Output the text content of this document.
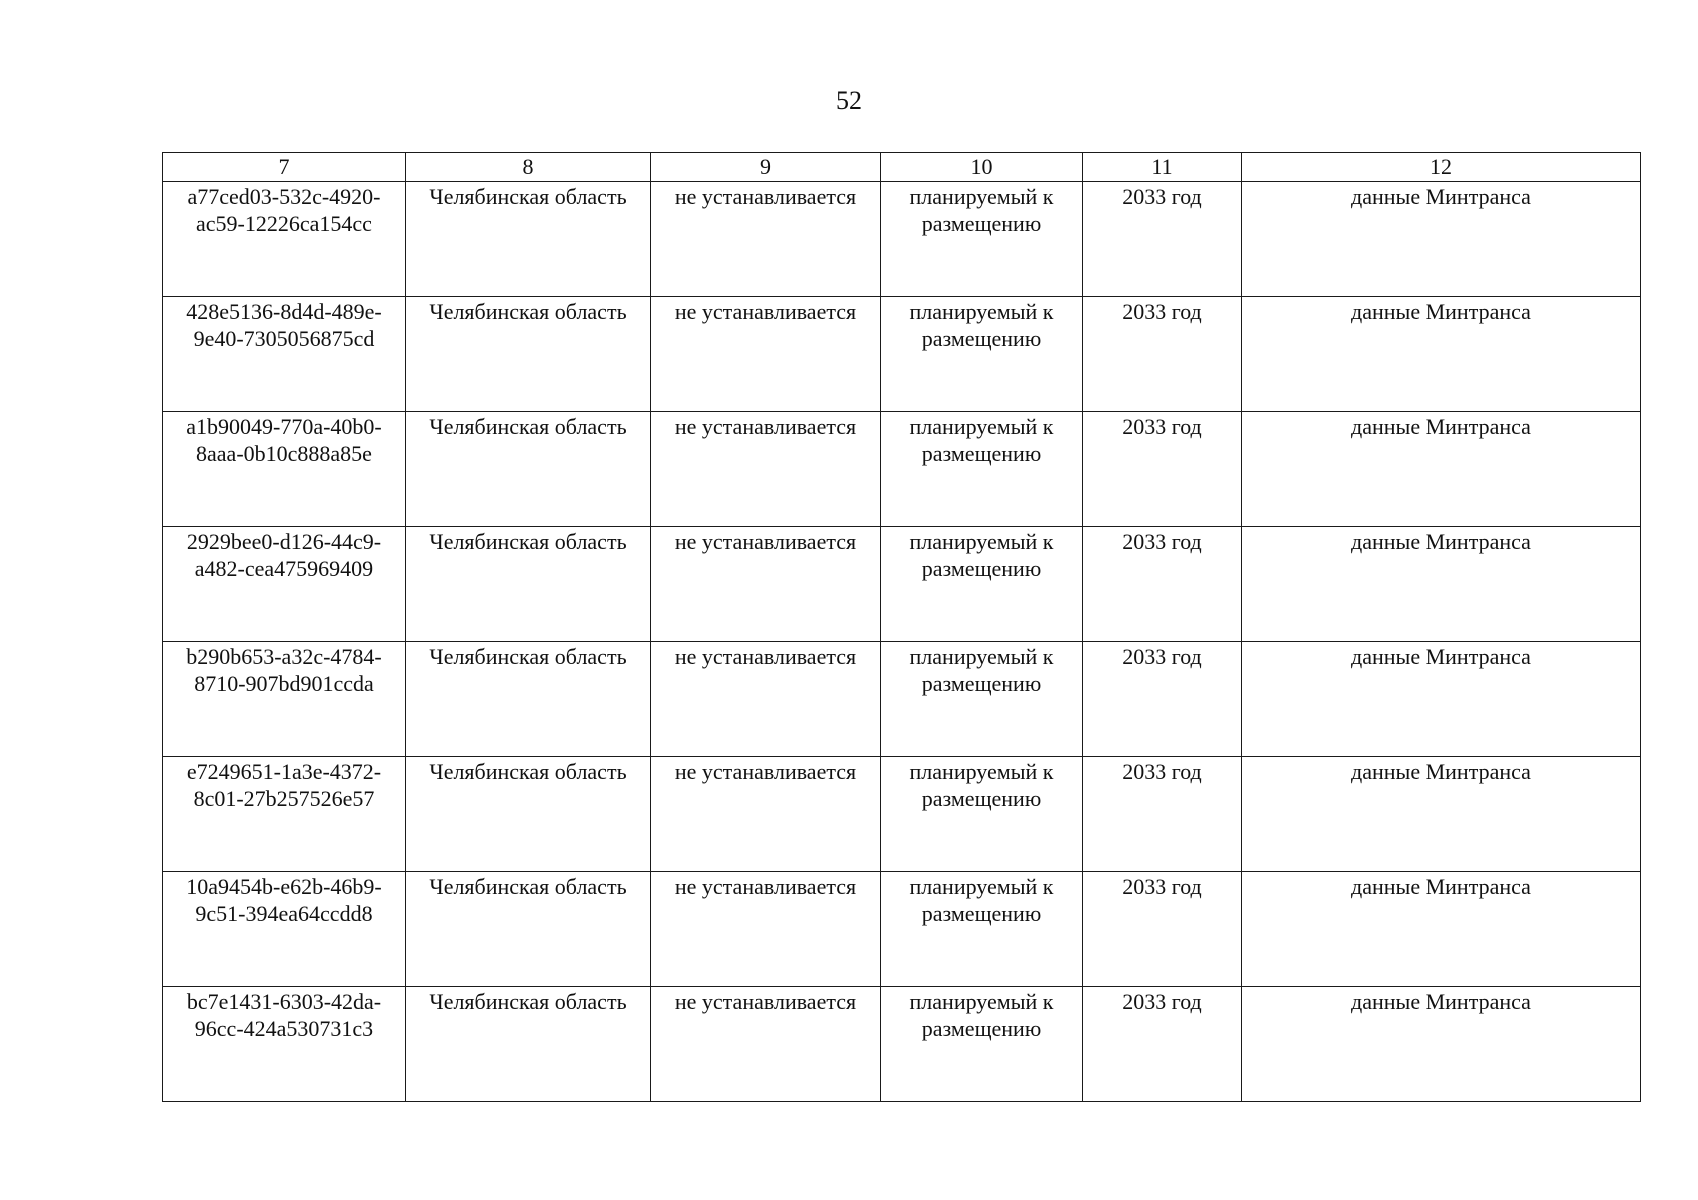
52
7	8	9	10	11	12

a77ced03-532c-4920-ac59-12226ca154cc	Челябинская область	не устанавливается	планируемый к размещению	2033 год	данные Минтранса

428e5136-8d4d-489e-9e40-7305056875cd	Челябинская область	не устанавливается	планируемый к размещению	2033 год	данные Минтранса

a1b90049-770a-40b0-8aaa-0b10c888a85e	Челябинская область	не устанавливается	планируемый к размещению	2033 год	данные Минтранса

2929bee0-d126-44c9-a482-cea475969409	Челябинская область	не устанавливается	планируемый к размещению	2033 год	данные Минтранса

b290b653-a32c-4784-8710-907bd901ccda	Челябинская область	не устанавливается	планируемый к размещению	2033 год	данные Минтранса

e7249651-1a3e-4372-8c01-27b257526e57	Челябинская область	не устанавливается	планируемый к размещению	2033 год	данные Минтранса

10a9454b-e62b-46b9-9c51-394ea64ccdd8	Челябинская область	не устанавливается	планируемый к размещению	2033 год	данные Минтранса

bc7e1431-6303-42da-96cc-424a530731c3	Челябинская область	не устанавливается	планируемый к размещению	2033 год	данные Минтранса
